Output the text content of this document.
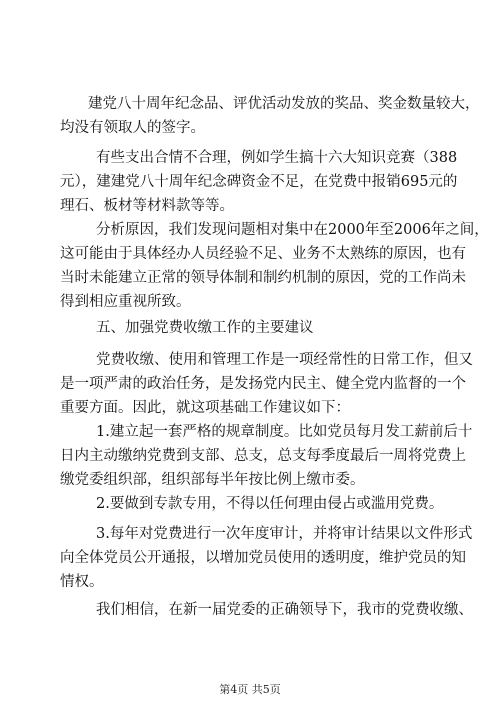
建党八十周年纪念品、评优活动发放的奖品、奖金数量较大，
均没有领取人的签字。

有些支出合情不合理，例如学生搞十六大知识竞赛（388
元），建建党八十周年纪念碑资金不足，在党费中报销695元的
理石、板材等材料款等等。

分析原因，我们发现问题相对集中在2000年至2006年之间，
这可能由于具体经办人员经验不足、业务不太熟练的原因，也有
当时未能建立正常的领导体制和制约机制的原因，党的工作尚未
得到相应重视所致。

五、加强党费收缴工作的主要建议

党费收缴、使用和管理工作是一项经常性的日常工作，但又
是一项严肃的政治任务，是发扬党内民主、健全党内监督的一个
重要方面。因此，就这项基础工作建议如下：

1.建立起一套严格的规章制度。比如党员每月发工薪前后十
日内主动缴纳党费到支部、总支，总支每季度最后一周将党费上
缴党委组织部，组织部每半年按比例上缴市委。

2.要做到专款专用，不得以任何理由侵占或滥用党费。

3.每年对党费进行一次年度审计，并将审计结果以文件形式
向全体党员公开通报，以增加党员使用的透明度，维护党员的知
情权。

我们相信，在新一届党委的正确领导下，我市的党费收缴、

第4页 共5页
